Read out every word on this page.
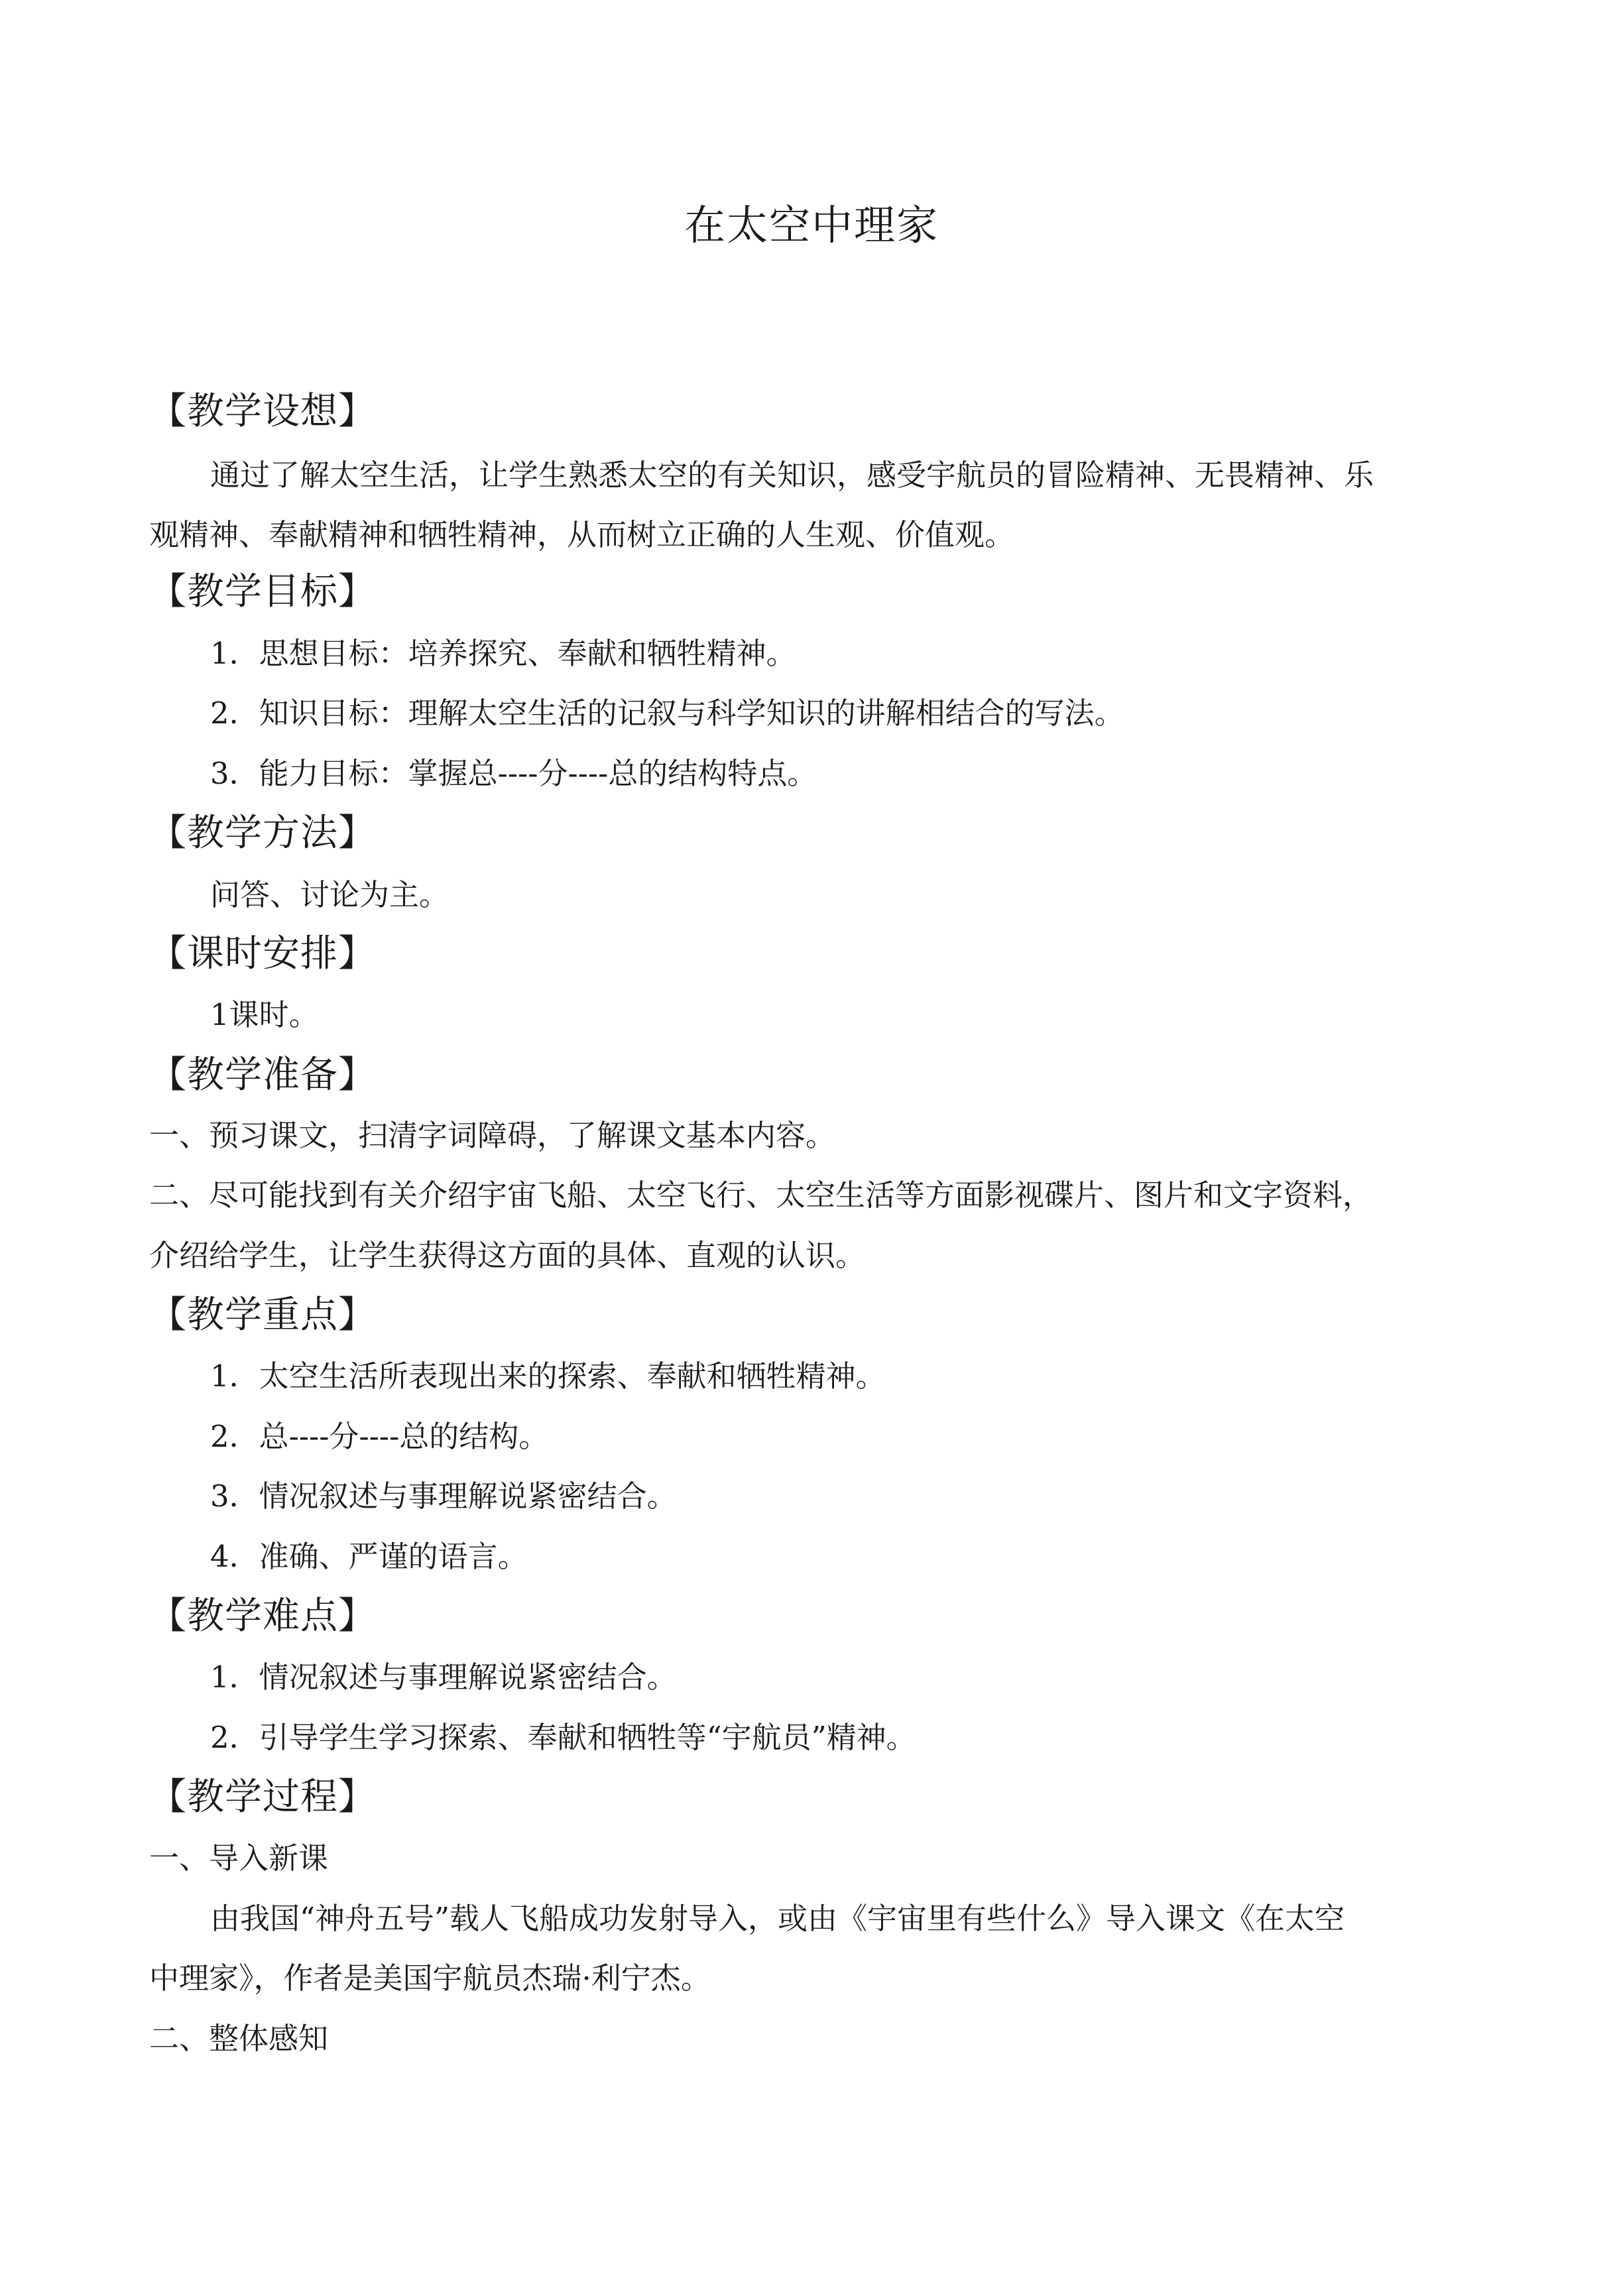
在太空中理家
【教学设想】
通过了解太空生活，让学生熟悉太空的有关知识，感受宇航员的冒险精神、无畏精神、乐
观精神、奉献精神和牺牲精神，从而树立正确的人生观、价值观。
【教学目标】
1．思想目标：培养探究、奉献和牺牲精神。
2．知识目标：理解太空生活的记叙与科学知识的讲解相结合的写法。
3．能力目标：掌握总----分----总的结构特点。
【教学方法】
问答、讨论为主。
【课时安排】
1课时。
【教学准备】
一、预习课文，扫清字词障碍，了解课文基本内容。
二、尽可能找到有关介绍宇宙飞船、太空飞行、太空生活等方面影视碟片、图片和文字资料，
介绍给学生，让学生获得这方面的具体、直观的认识。
【教学重点】
1．太空生活所表现出来的探索、奉献和牺牲精神。
2．总----分----总的结构。
3．情况叙述与事理解说紧密结合。
4．准确、严谨的语言。
【教学难点】
1．情况叙述与事理解说紧密结合。
2．引导学生学习探索、奉献和牺牲等“宇航员”精神。
【教学过程】
一、导入新课
由我国“神舟五号”载人飞船成功发射导入，或由《宇宙里有些什么》导入课文《在太空
中理家》，作者是美国宇航员杰瑞·利宁杰。
二、整体感知
